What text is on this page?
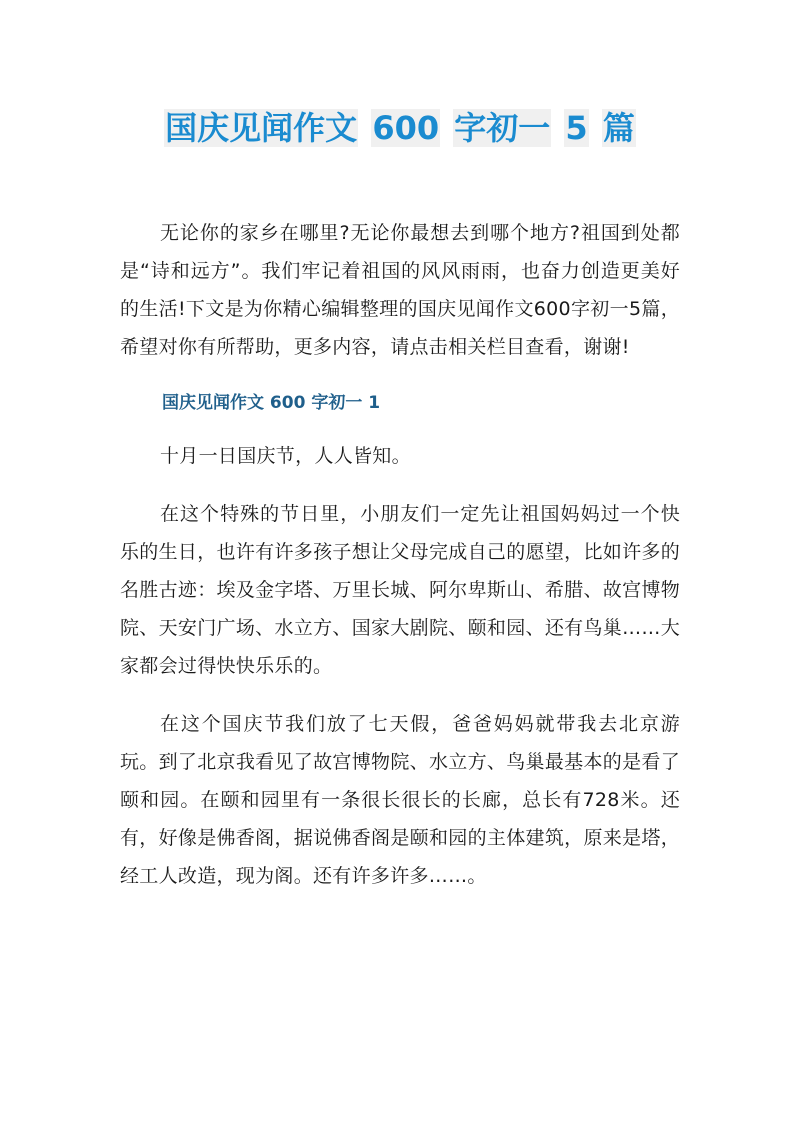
国庆见闻作文 600 字初一 5 篇

无论你的家乡在哪里?无论你最想去到哪个地方?祖国到处都是“诗和远方”。我们牢记着祖国的风风雨雨，也奋力创造更美好的生活!下文是为你精心编辑整理的国庆见闻作文600字初一5篇，希望对你有所帮助，更多内容，请点击相关栏目查看，谢谢!

国庆见闻作文 600 字初一 1

十月一日国庆节，人人皆知。

在这个特殊的节日里，小朋友们一定先让祖国妈妈过一个快乐的生日，也许有许多孩子想让父母完成自己的愿望，比如许多的名胜古迹：埃及金字塔、万里长城、阿尔卑斯山、希腊、故宫博物院、天安门广场、水立方、国家大剧院、颐和园、还有鸟巢……大家都会过得快快乐乐的。

在这个国庆节我们放了七天假，爸爸妈妈就带我去北京游玩。到了北京我看见了故宫博物院、水立方、鸟巢最基本的是看了颐和园。在颐和园里有一条很长很长的长廊，总长有728米。还有，好像是佛香阁，据说佛香阁是颐和园的主体建筑，原来是塔，经工人改造，现为阁。还有许多许多……。
